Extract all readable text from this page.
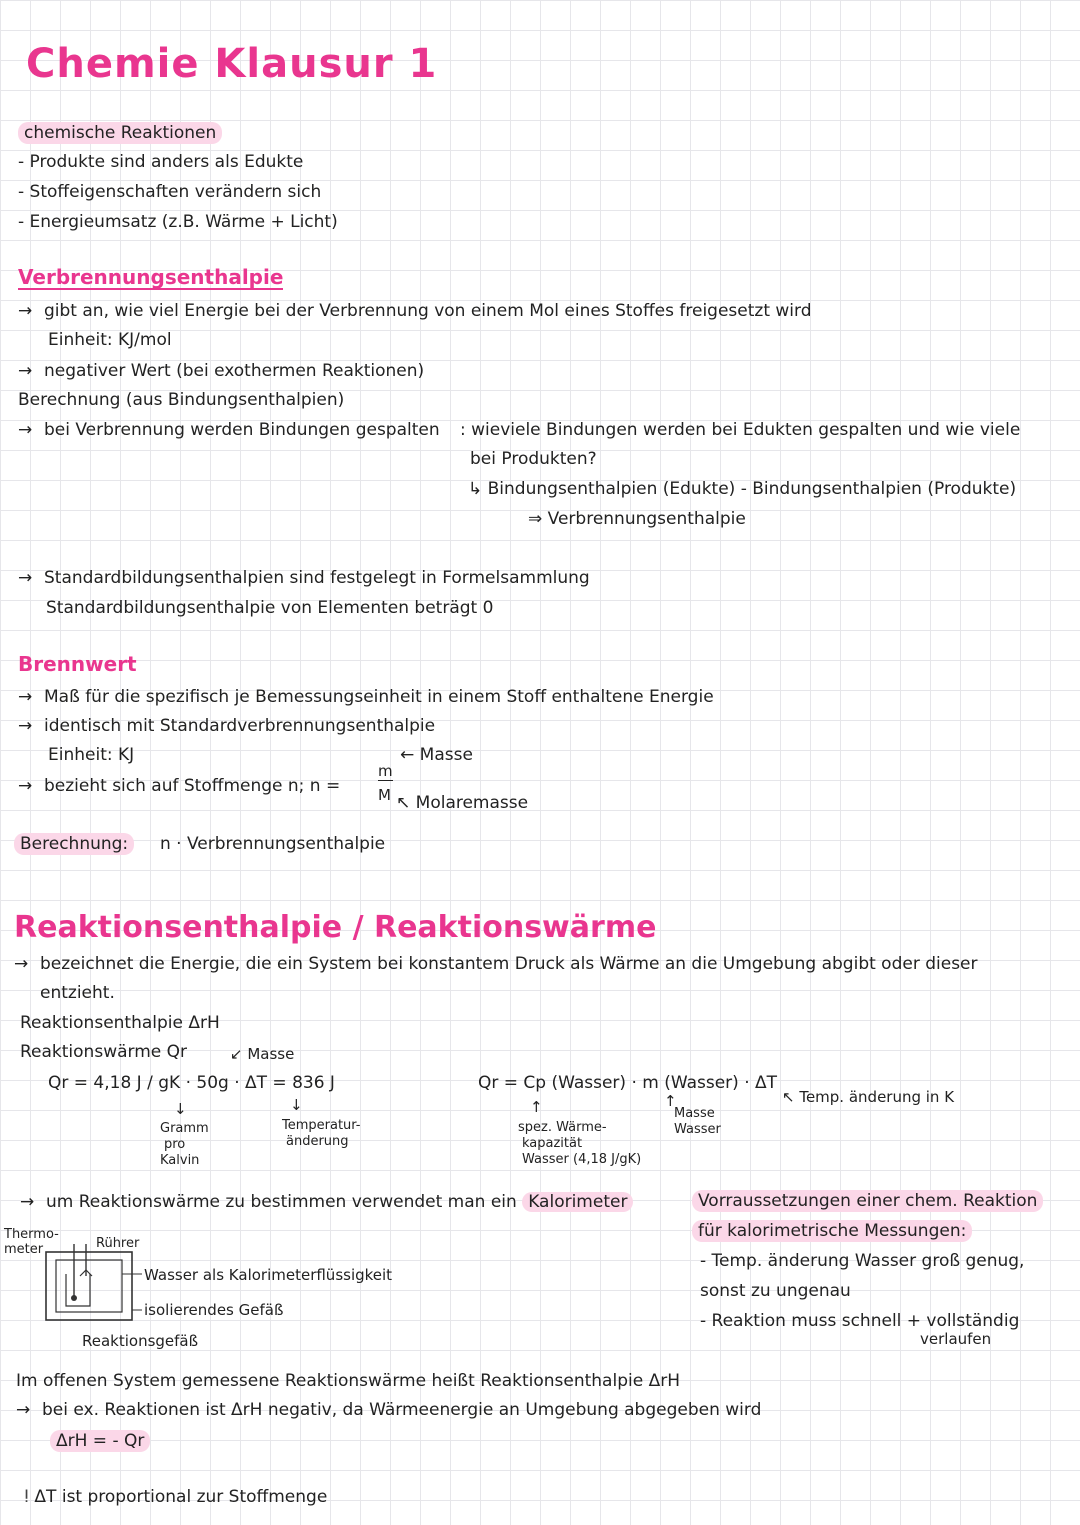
Chemie Klausur 1
chemische Reaktionen
- Produkte sind anders als Edukte
- Stoffeigenschaften verändern sich
- Energieumsatz (z.B. Wärme + Licht)
Verbrennungsenthalpie
→ gibt an, wie viel Energie bei der Verbrennung von einem Mol eines Stoffes freigesetzt wird
Einheit: KJ/mol
→ negativer Wert (bei exothermen Reaktionen)
Berechnung (aus Bindungsenthalpien)
→ bei Verbrennung werden Bindungen gespalten : wieviele Bindungen werden bei Edukten gespalten und wie viele
bei Produkten?
↳ Bindungsenthalpien (Edukte) - Bindungsenthalpien (Produkte)
⇒ Verbrennungsenthalpie
→ Standardbildungsenthalpien sind festgelegt in Formelsammlung
Standardbildungsenthalpie von Elementen beträgt 0
Brennwert
→ Maß für die spezifisch je Bemessungseinheit in einem Stoff enthaltene Energie
→ identisch mit Standardverbrennungsenthalpie
Einheit: KJ
→ bezieht sich auf Stoffmenge n; n =
m
M
← Masse
↖ Molaremasse
Berechnung:	n · Verbrennungsenthalpie
Reaktionsenthalpie / Reaktionswärme
→ bezeichnet die Energie, die ein System bei konstantem Druck als Wärme an die Umgebung abgibt oder dieser
entzieht.
Reaktionsenthalpie ΔrH
Reaktionswärme Qr	↙ Masse
Qr = 4,18 J / gK · 50g · ΔT = 836 J
↓
Gramm
pro
Kalvin
↓
Temperatur-
änderung
Qr = Cp (Wasser) · m (Wasser) · ΔT
↖ Temp. änderung in K
↑
spez. Wärme-
kapazität
Wasser (4,18 J/gK)
↑
Masse
Wasser
→ um Reaktionswärme zu bestimmen verwendet man ein Kalorimeter
Thermo-
meter	Rührer
Wasser als Kalorimeterflüssigkeit
isolierendes Gefäß
Reaktionsgefäß
Vorraussetzungen einer chem. Reaktion
für kalorimetrische Messungen:
- Temp. änderung Wasser groß genug,
sonst zu ungenau
- Reaktion muss schnell + vollständig
verlaufen
Im offenen System gemessene Reaktionswärme heißt Reaktionsenthalpie ΔrH
→ bei ex. Reaktionen ist ΔrH negativ, da Wärmeenergie an Umgebung abgegeben wird
ΔrH = - Qr
ⵑ ΔT ist proportional zur Stoffmenge
